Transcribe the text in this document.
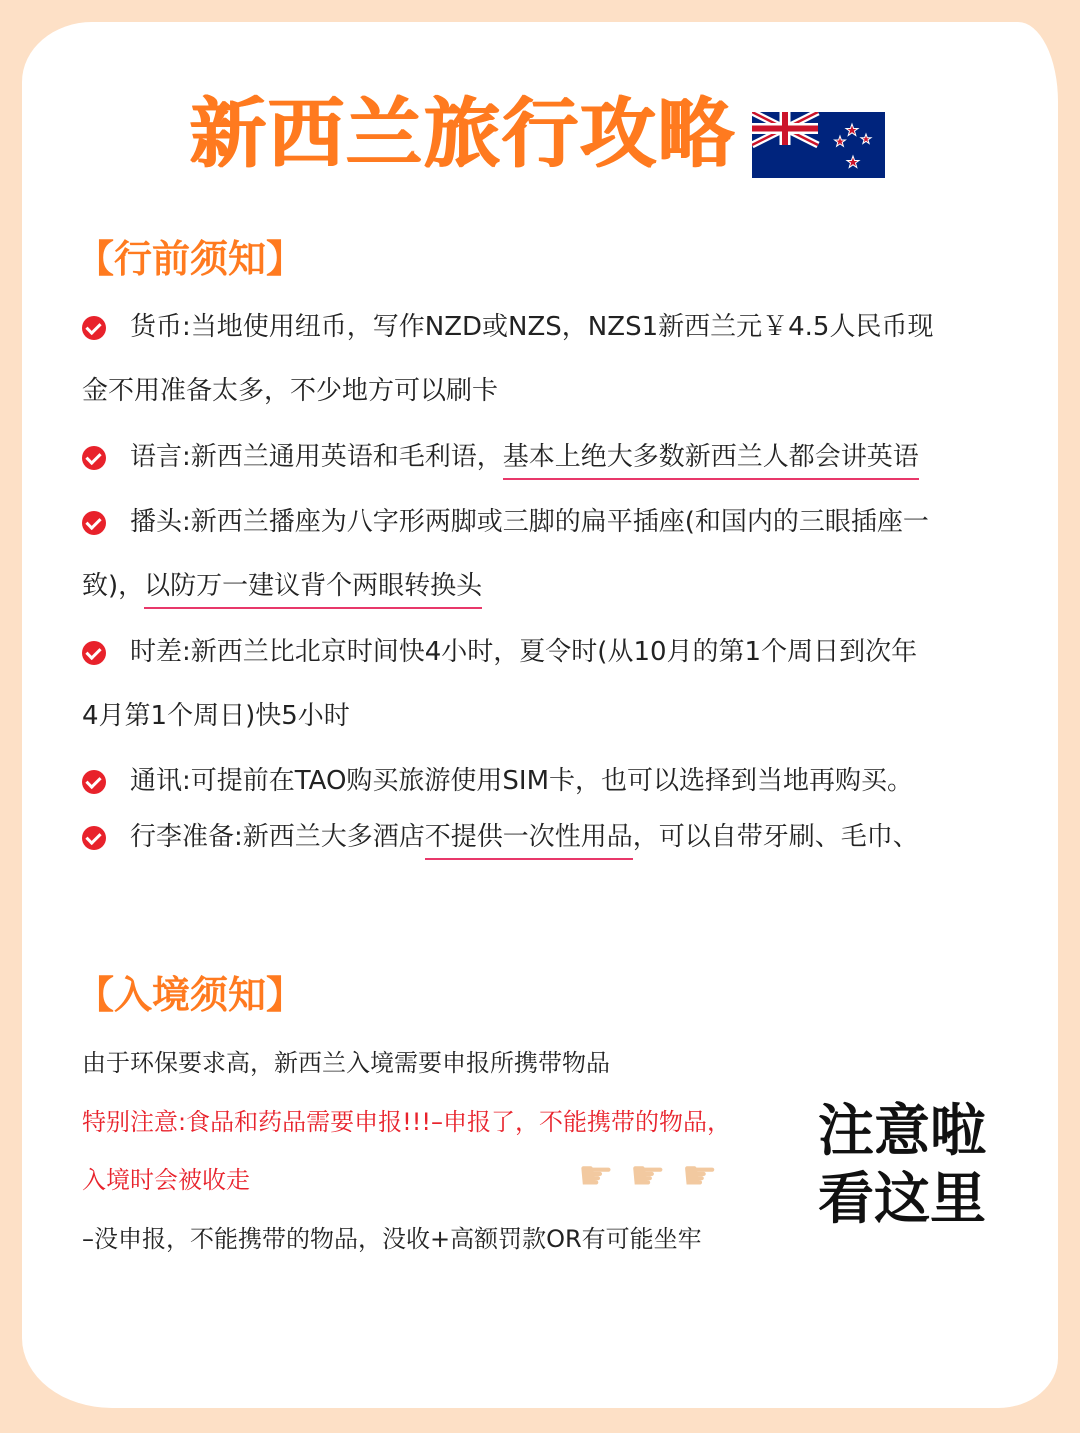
新西兰旅行攻略
【行前须知】
货币:当地使用纽币，写作NZD或NZS，NZS1新西兰元￥4.5人民币现
金不用准备太多，不少地方可以刷卡
语言:新西兰通用英语和毛利语，基本上绝大多数新西兰人都会讲英语
播头:新西兰播座为八字形两脚或三脚的扁平插座(和国内的三眼插座一
致)，以防万一建议背个两眼转换头
时差:新西兰比北京时间快4小时，夏令时(从10月的第1个周日到次年
4月第1个周日)快5小时
通讯:可提前在TAO购买旅游使用SIM卡，也可以选择到当地再购买。
行李准备:新西兰大多酒店不提供一次性用品，可以自带牙刷、毛巾、
【入境须知】
由于环保要求高，新西兰入境需要申报所携带物品
特别注意:食品和药品需要申报!!!–申报了，不能携带的物品，
入境时会被收走
–没申报，不能携带的物品，没收+高额罚款OR有可能坐牢
☛ ☛ ☛
注意啦
看这里
